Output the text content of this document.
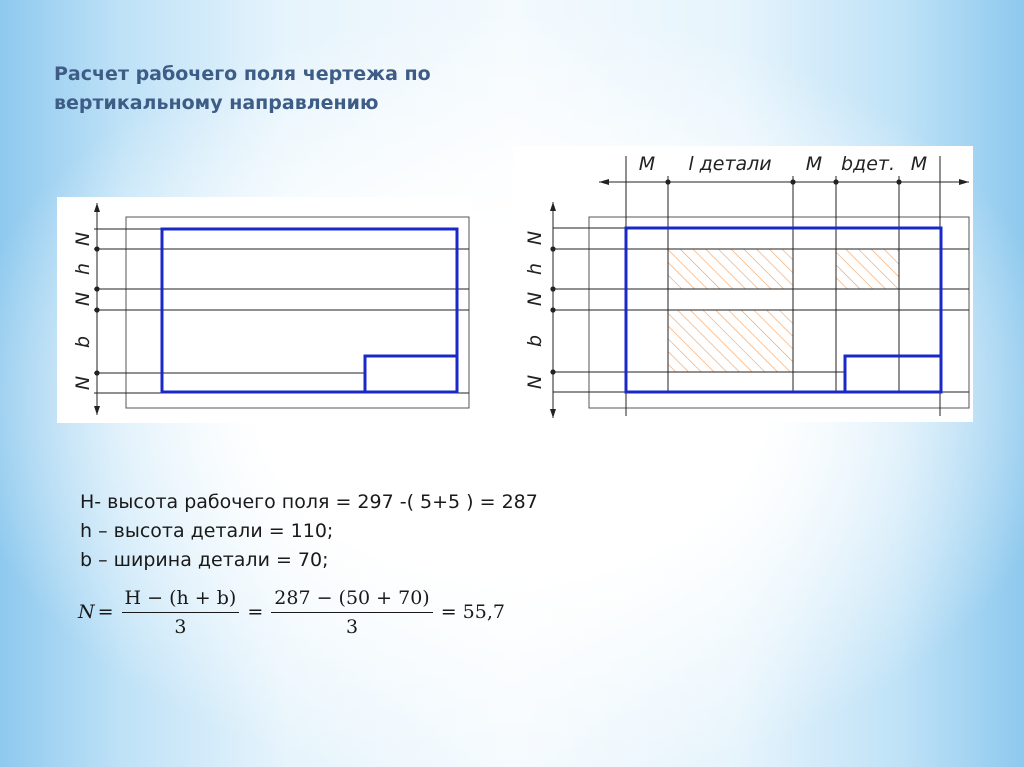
Расчет рабочего поля чертежа по
вертикальному направлению
N
h
N
b
N
N
h
N
b
N
M l детали M bдет. M
H- высота рабочего поля = 297 -( 5+5 ) = 287
h – высота детали = 110;
b – ширина детали = 70;
$N = \frac{H - (h + b)}{3} = \frac{287 - (50 + 70)}{3} = 55,7$
